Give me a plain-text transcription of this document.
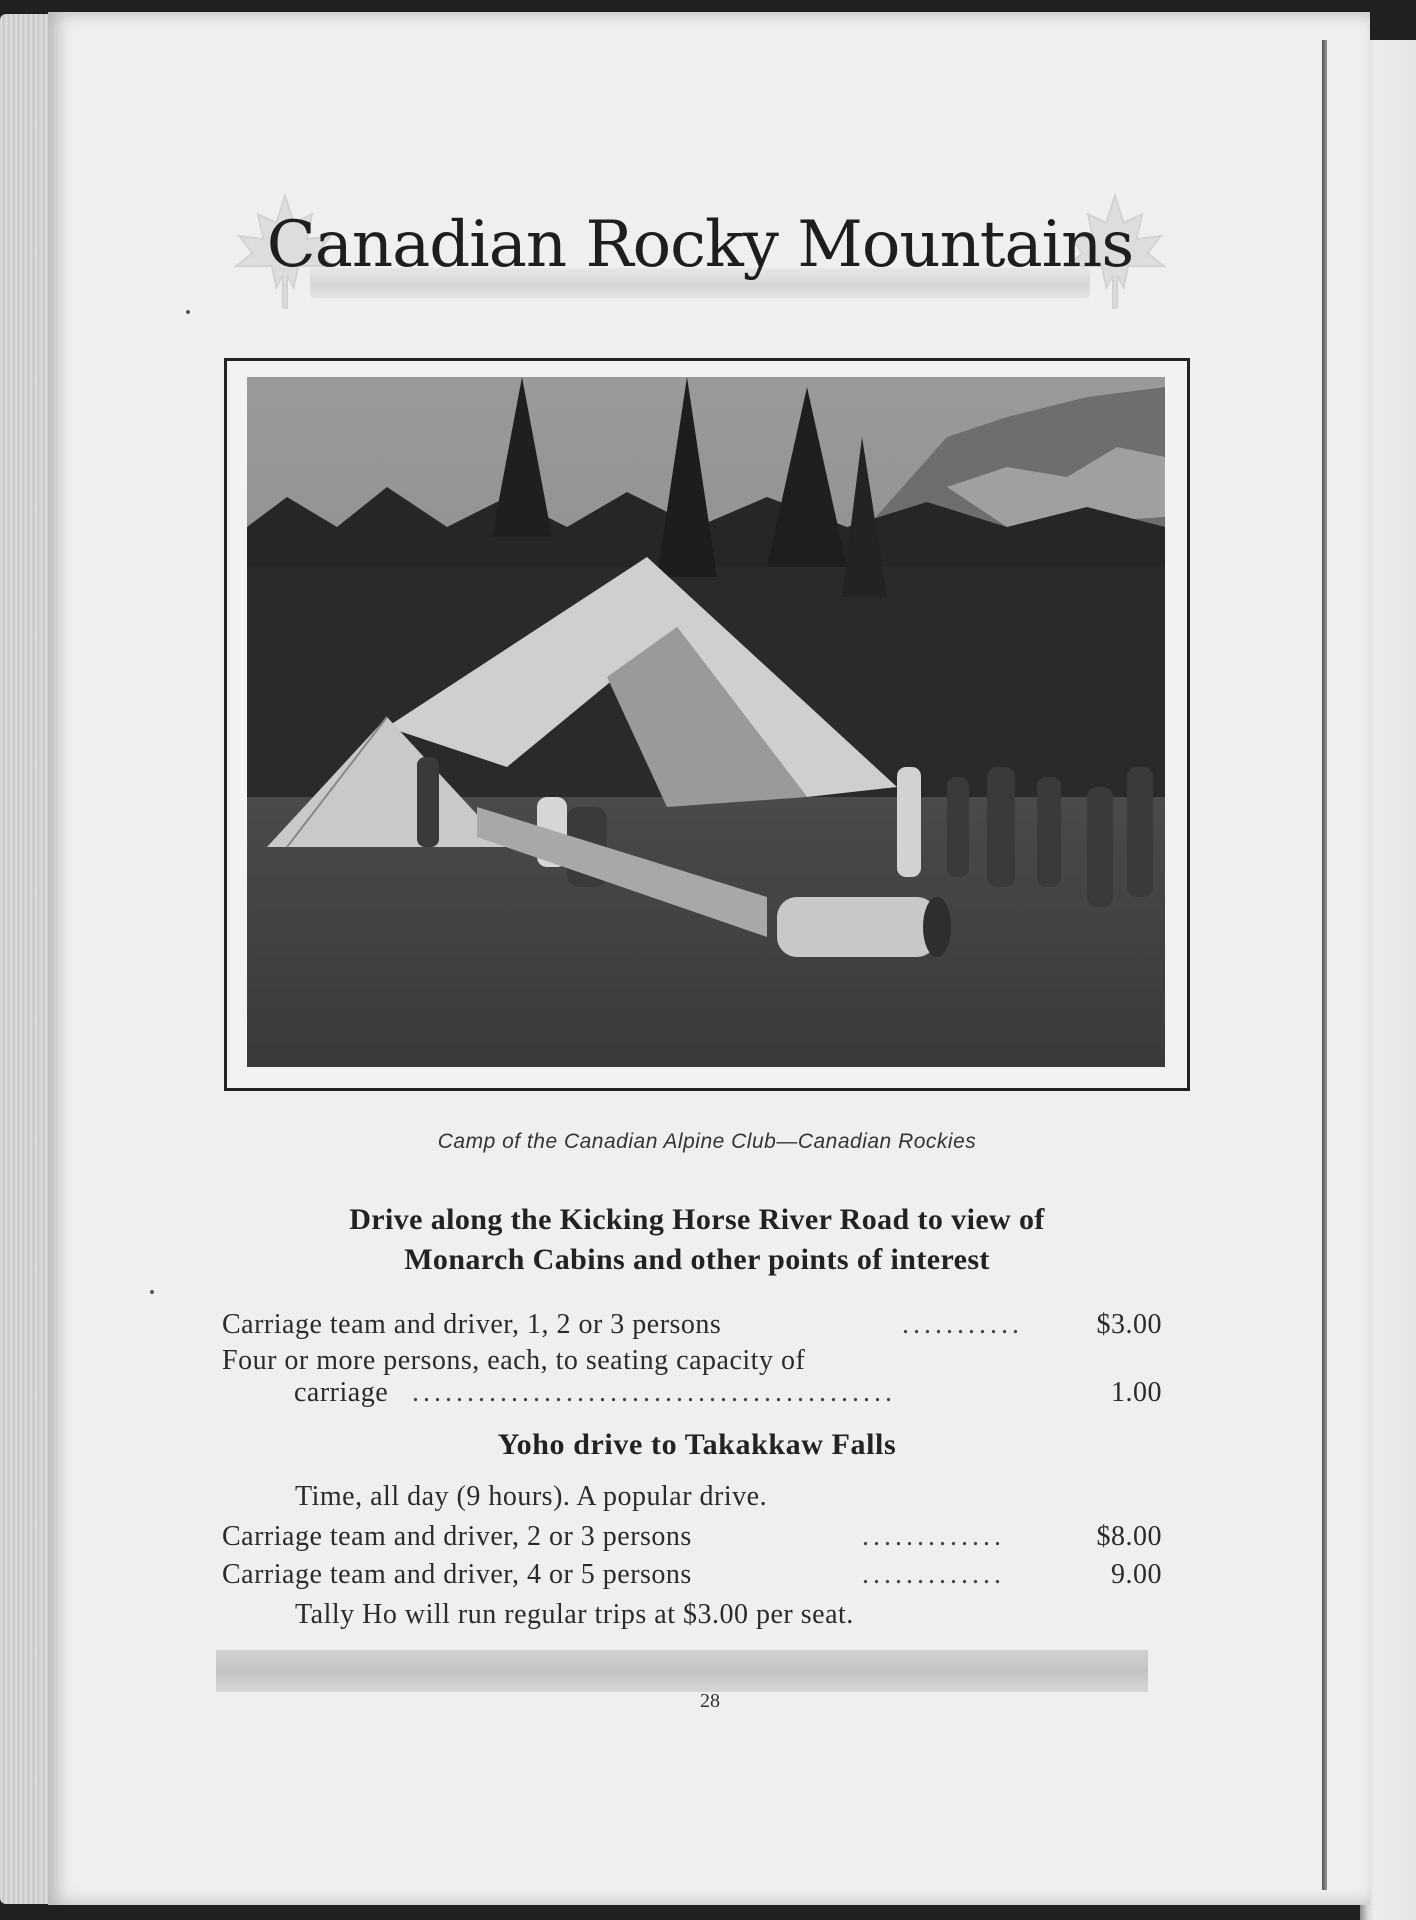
Canadian Rocky Mountains
Camp of the Canadian Alpine Club—Canadian Rockies
Drive along the Kicking Horse River Road to view of
Monarch Cabins and other points of interest
Carriage team and driver, 1, 2 or 3 persons	...........	$3.00
Four or more persons, each, to seating capacity of
carriage ............................................	1.00
Yoho drive to Takakkaw Falls
Time, all day (9 hours). A popular drive.
Carriage team and driver, 2 or 3 persons	.............	$8.00
Carriage team and driver, 4 or 5 persons	.............	9.00
Tally Ho will run regular trips at $3.00 per seat.
28
